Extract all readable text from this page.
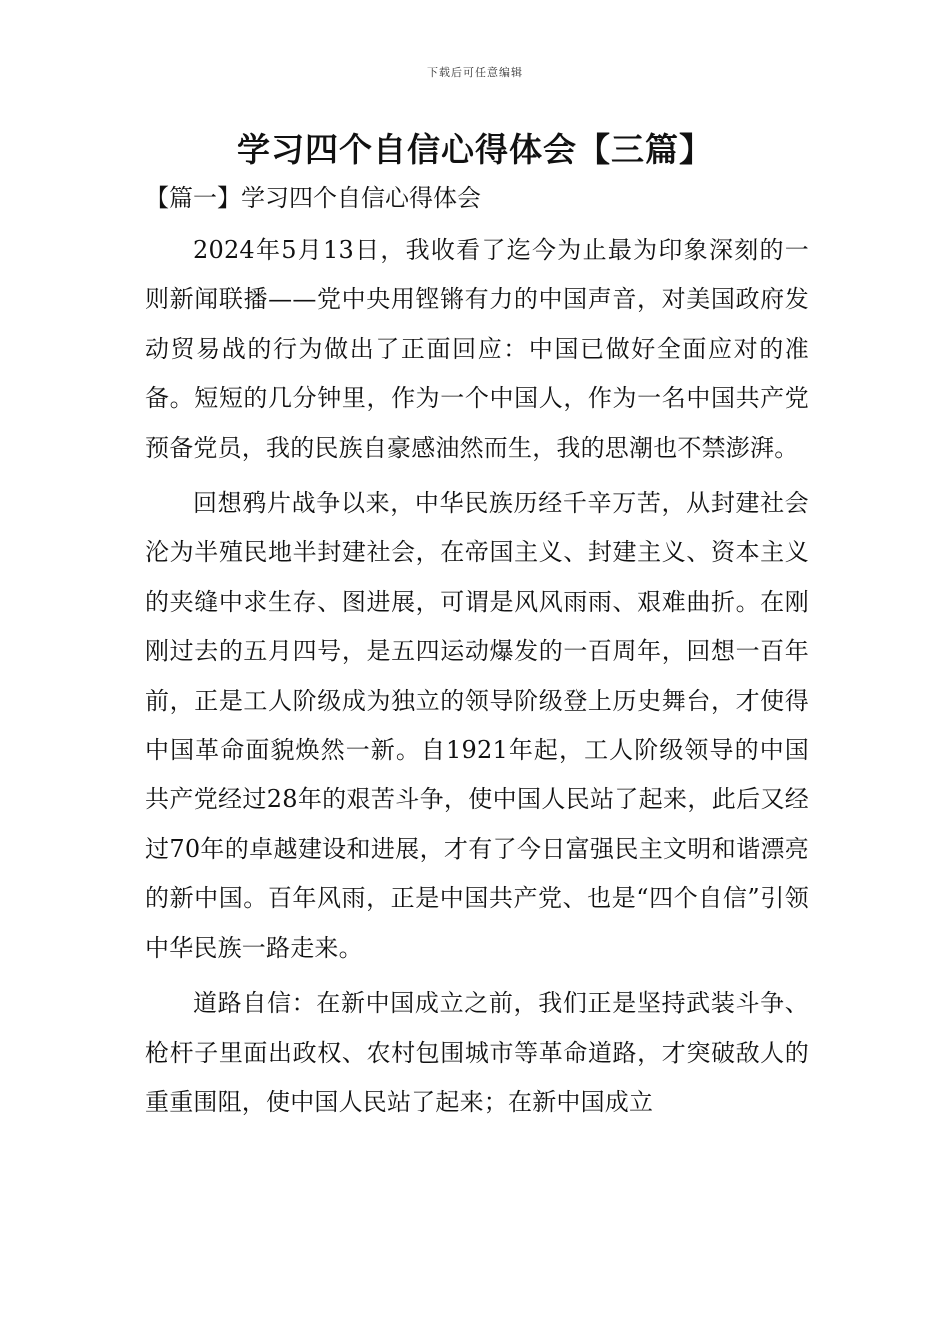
下载后可任意编辑
学习四个自信心得体会【三篇】
【篇一】学习四个自信心得体会

2024年5月13日，我收看了迄今为止最为印象深刻的一则新闻联播——党中央用铿锵有力的中国声音，对美国政府发动贸易战的行为做出了正面回应：中国已做好全面应对的准备。短短的几分钟里，作为一个中国人，作为一名中国共产党预备党员，我的民族自豪感油然而生，我的思潮也不禁澎湃。

回想鸦片战争以来，中华民族历经千辛万苦，从封建社会沦为半殖民地半封建社会，在帝国主义、封建主义、资本主义的夹缝中求生存、图进展，可谓是风风雨雨、艰难曲折。在刚刚过去的五月四号，是五四运动爆发的一百周年，回想一百年前，正是工人阶级成为独立的领导阶级登上历史舞台，才使得中国革命面貌焕然一新。自1921年起，工人阶级领导的中国共产党经过28年的艰苦斗争，使中国人民站了起来，此后又经过70年的卓越建设和进展，才有了今日富强民主文明和谐漂亮的新中国。百年风雨，正是中国共产党、也是“四个自信”引领中华民族一路走来。

道路自信：在新中国成立之前，我们正是坚持武装斗争、枪杆子里面出政权、农村包围城市等革命道路，才突破敌人的重重围阻，使中国人民站了起来；在新中国成立
